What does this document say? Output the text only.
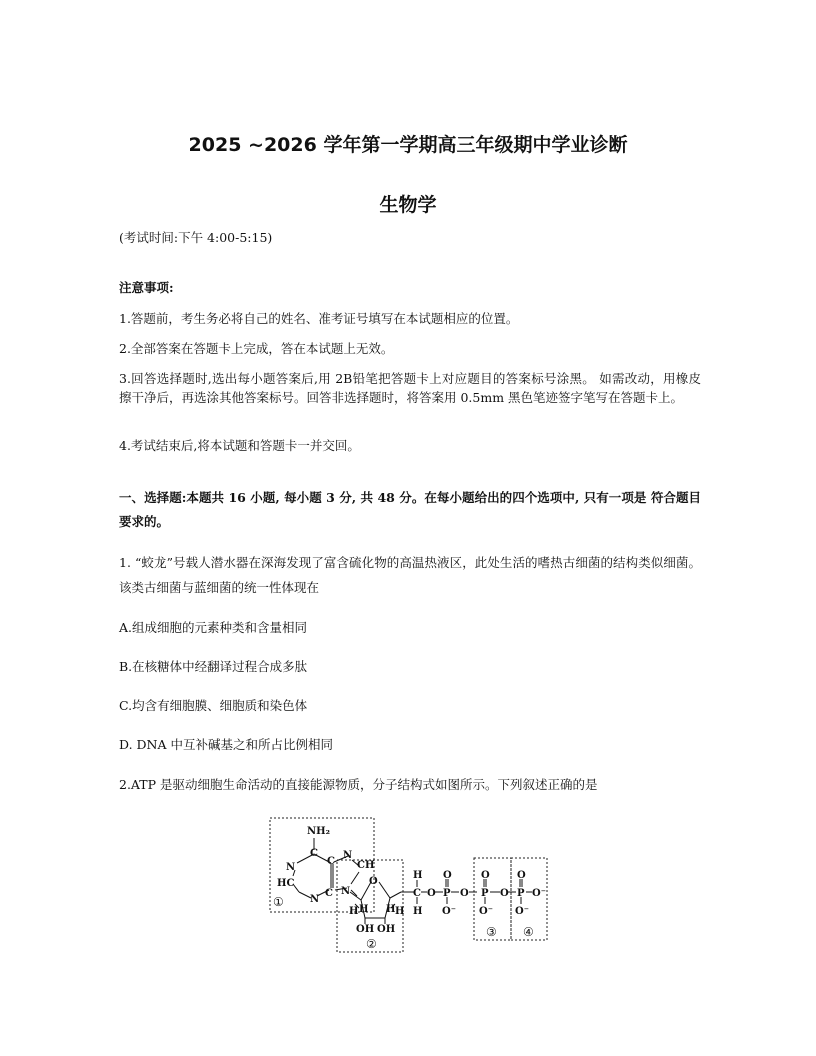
2025 ~2026 学年第一学期高三年级期中学业诊断
生物学
(考试时间:下午 4:00-5:15)
注意事项:
1.答题前，考生务必将自己的姓名、准考证号填写在本试题相应的位置。
2.全部答案在答题卡上完成，答在本试题上无效。
3.回答选择题时,选出每小题答案后,用 2B铅笔把答题卡上对应题目的答案标号涂黑。 如需改动，用橡皮擦干净后，再选涂其他答案标号。回答非选择题时，将答案用 0.5mm 黑色笔迹签字笔写在答题卡上。
4.考试结束后,将本试题和答题卡一并交回。
一、选择题:本题共 16 小题, 每小题 3 分, 共 48 分。在每小题给出的四个选项中, 只有一项是 符合题目要求的。
1. “蛟龙”号载人潜水器在深海发现了富含硫化物的高温热液区，此处生活的嗜热古细菌的结构类似细菌。该类古细菌与蓝细菌的统一性体现在
A.组成细胞的元素种类和含量相同
B.在核糖体中经翻译过程合成多肽
C.均含有细胞膜、细胞质和染色体
D. DNA 中互补碱基之和所占比例相同
2.ATP 是驱动细胞生命活动的直接能源物质，分子结构式如图所示。下列叙述正确的是
NH₂
C
N
HC
N
C
C
N
CH
N
O
H	H
H H
OH OH
H
C
H
O
O
P
O⁻
O
O
P
O⁻
O
O
P O⁻
O⁻
①
②
③ ④
